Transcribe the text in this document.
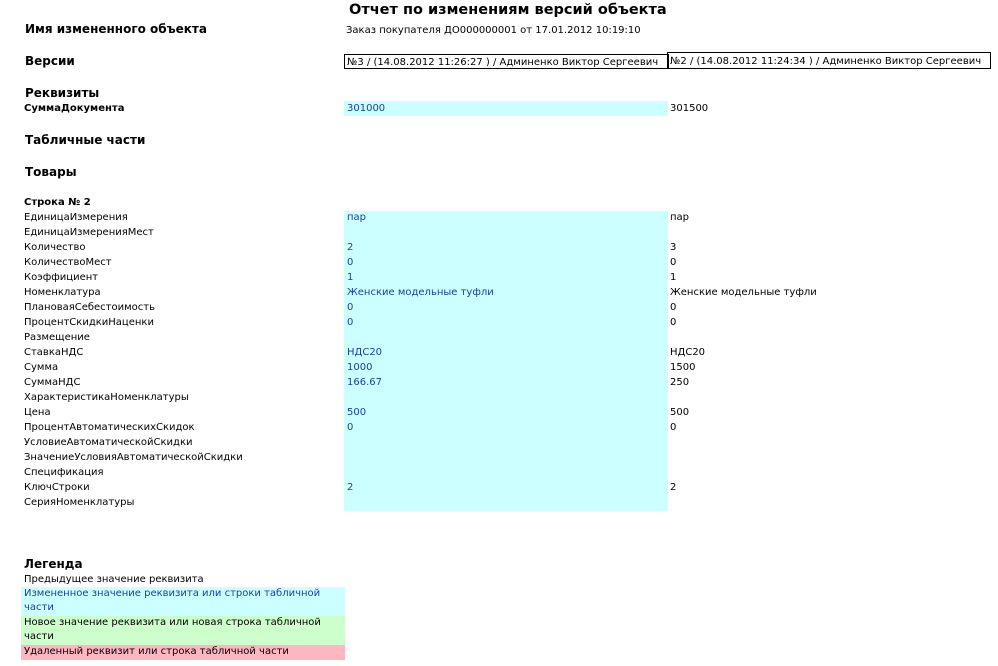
Отчет по изменениям версий объекта
Имя измененного объекта	Заказ покупателя ДО000000001 от 17.01.2012 10:19:10
Версии	№3 / (14.08.2012 11:26:27 ) / Админенко Виктор Сергеевич	№2 / (14.08.2012 11:24:34 ) / Админенко Виктор Сергеевич
Реквизиты
СуммаДокумента	301000	301500
Табличные части
Товары
Строка № 2
ЕдиницаИзмерения	пар	пар
ЕдиницаИзмеренияМест
Количество	2	3
КоличествоМест	0	0
Коэффициент	1	1
Номенклатура	Женские модельные туфли	Женские модельные туфли
ПлановаяСебестоимость	0	0
ПроцентСкидкиНаценки	0	0
Размещение
СтавкаНДС	НДС20	НДС20
Сумма	1000	1500
СуммаНДС	166.67	250
ХарактеристикаНоменклатуры
Цена	500	500
ПроцентАвтоматическихСкидок	0	0
УсловиеАвтоматическойСкидки
ЗначениеУсловияАвтоматическойСкидки
Спецификация
КлючСтроки	2	2
СерияНоменклатуры
Легенда
Предыдущее значение реквизита
Измененное значение реквизита или строки табличной части
Новое значение реквизита или новая строка табличной части
Удаленный реквизит или строка табличной части
